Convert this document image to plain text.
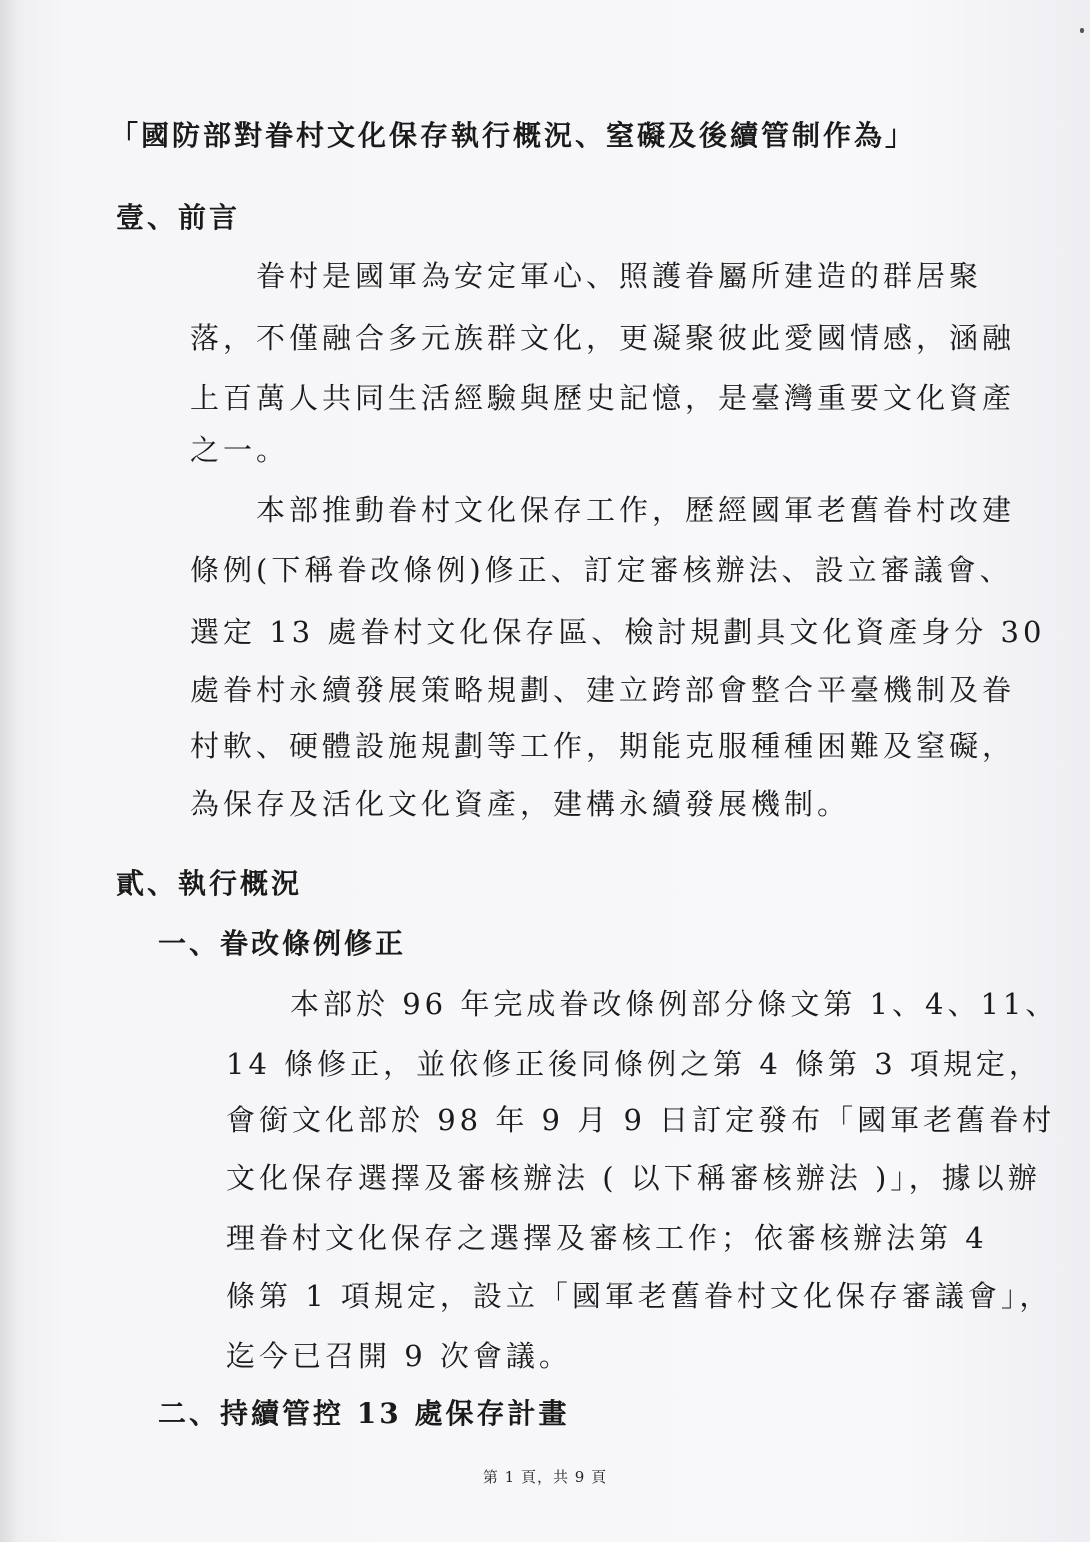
「國防部對眷村文化保存執行概況、窒礙及後續管制作為」
壹、前言
眷村是國軍為安定軍心、照護眷屬所建造的群居聚
落，不僅融合多元族群文化，更凝聚彼此愛國情感，涵融
上百萬人共同生活經驗與歷史記憶，是臺灣重要文化資產
之一。
本部推動眷村文化保存工作，歷經國軍老舊眷村改建
條例(下稱眷改條例)修正、訂定審核辦法、設立審議會、
選定 13 處眷村文化保存區、檢討規劃具文化資產身分 30
處眷村永續發展策略規劃、建立跨部會整合平臺機制及眷
村軟、硬體設施規劃等工作，期能克服種種困難及窒礙，
為保存及活化文化資產，建構永續發展機制。
貳、執行概況
一、眷改條例修正
本部於 96 年完成眷改條例部分條文第 1、4、11、
14 條修正，並依修正後同條例之第 4 條第 3 項規定，
會銜文化部於 98 年 9 月 9 日訂定發布「國軍老舊眷村
文化保存選擇及審核辦法 ( 以下稱審核辦法 )」，據以辦
理眷村文化保存之選擇及審核工作；依審核辦法第 4
條第 1 項規定，設立「國軍老舊眷村文化保存審議會」，
迄今已召開 9 次會議。
二、持續管控 13 處保存計畫
第 1 頁，共 9 頁
